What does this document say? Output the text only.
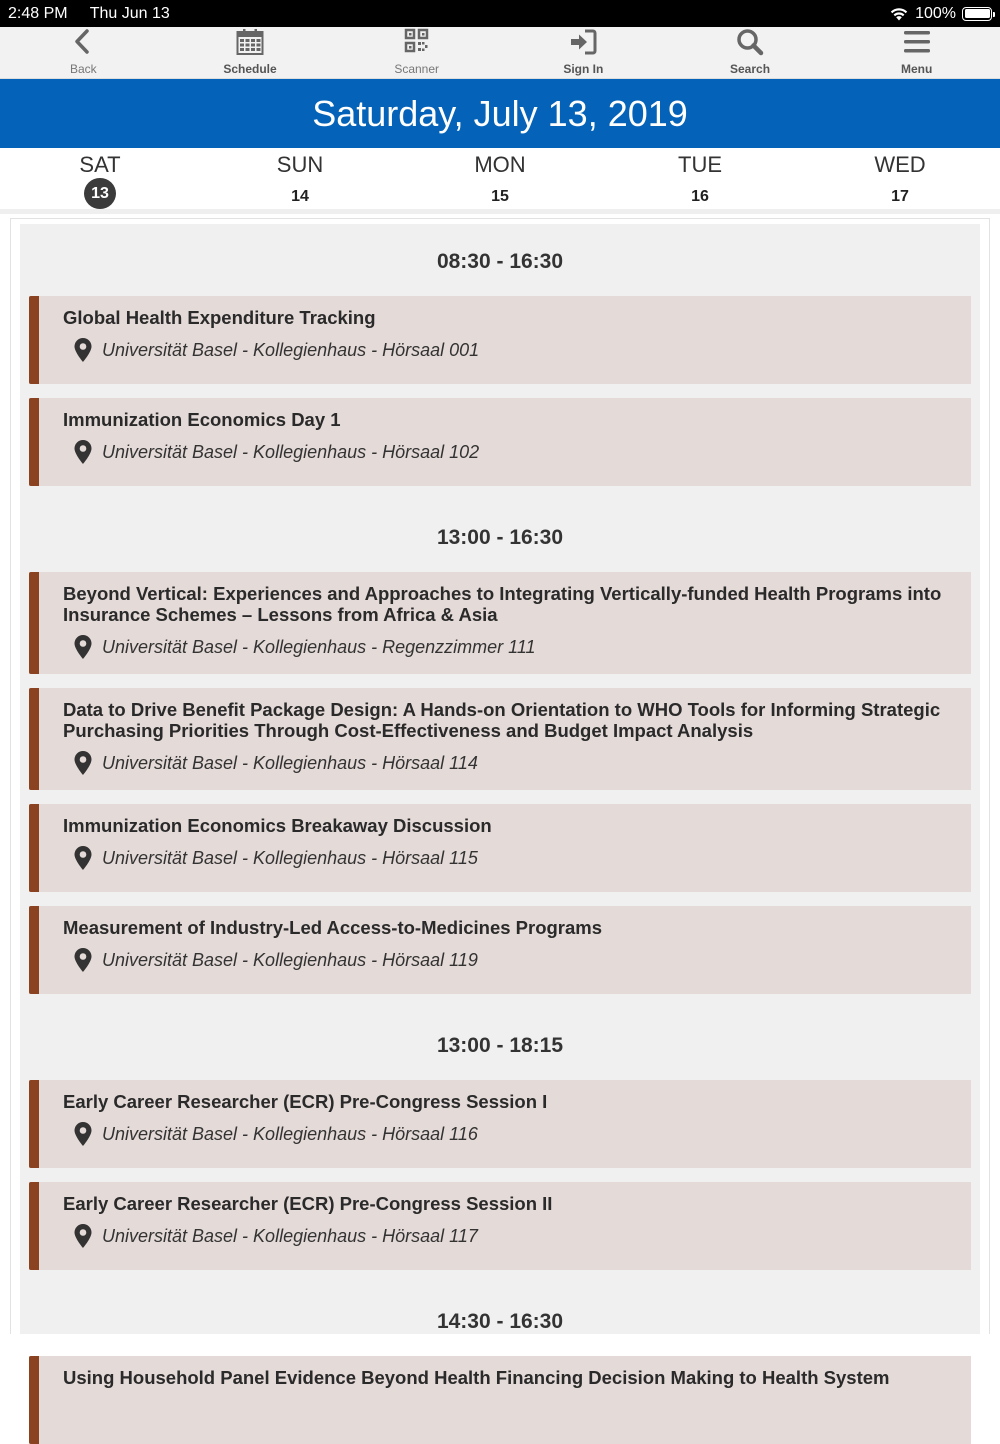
2:48 PM Thu Jun 13	100%
Back	Schedule	Scanner	Sign In	Search	Menu
Saturday, July 13, 2019
SAT
13
SUN
14
MON
15
TUE
16
WED
17
08:30 - 16:30
Global Health Expenditure Tracking
Universität Basel - Kollegienhaus - Hörsaal 001
Immunization Economics Day 1
Universität Basel - Kollegienhaus - Hörsaal 102
13:00 - 16:30
Beyond Vertical: Experiences and Approaches to Integrating Vertically-funded Health Programs into Insurance Schemes – Lessons from Africa & Asia
Universität Basel - Kollegienhaus - Regenzzimmer 111
Data to Drive Benefit Package Design: A Hands-on Orientation to WHO Tools for Informing Strategic Purchasing Priorities Through Cost-Effectiveness and Budget Impact Analysis
Universität Basel - Kollegienhaus - Hörsaal 114
Immunization Economics Breakaway Discussion
Universität Basel - Kollegienhaus - Hörsaal 115
Measurement of Industry-Led Access-to-Medicines Programs
Universität Basel - Kollegienhaus - Hörsaal 119
13:00 - 18:15
Early Career Researcher (ECR) Pre-Congress Session I
Universität Basel - Kollegienhaus - Hörsaal 116
Early Career Researcher (ECR) Pre-Congress Session II
Universität Basel - Kollegienhaus - Hörsaal 117
14:30 - 16:30
Using Household Panel Evidence Beyond Health Financing Decision Making to Health System
